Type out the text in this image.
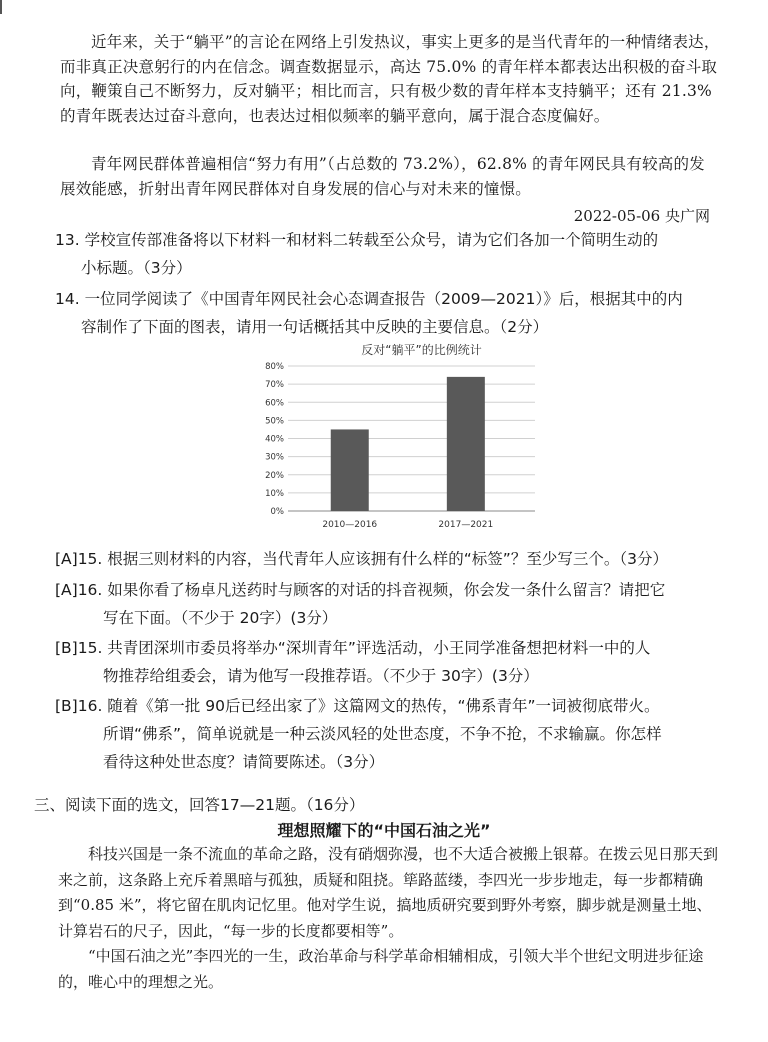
近年来，关于“躺平”的言论在网络上引发热议，事实上更多的是当代青年的一种情绪表达，而非真正决意躬行的内在信念。调查数据显示，高达 75.0% 的青年样本都表达出积极的奋斗取向，鞭策自己不断努力，反对躺平；相比而言，只有极少数的青年样本支持躺平；还有 21.3% 的青年既表达过奋斗意向，也表达过相似频率的躺平意向，属于混合态度偏好。

青年网民群体普遍相信“努力有用”（占总数的 73.2%），62.8% 的青年网民具有较高的发展效能感，折射出青年网民群体对自身发展的信心与对未来的憧憬。

2022-05-06 央广网

13. 学校宣传部准备将以下材料一和材料二转载至公众号，请为它们各加一个简明生动的
小标题。（3分）
14. 一位同学阅读了《中国青年网民社会心态调查报告（2009—2021）》后，根据其中的内
容制作了下面的图表，请用一句话概括其中反映的主要信息。（2分）
反对“躺平”的比例统计
0%
10%
20%
30%
40%
50%
60%
70%
80%
2010—2016	2017—2021
[A]15. 根据三则材料的内容，当代青年人应该拥有什么样的“标签”？至少写三个。（3分）
[A]16. 如果你看了杨卓凡送药时与顾客的对话的抖音视频，你会发一条什么留言？请把它
写在下面。（不少于 20字）(3分）
[B]15. 共青团深圳市委员将举办“深圳青年”评选活动，小王同学准备想把材料一中的人
物推荐给组委会，请为他写一段推荐语。（不少于 30字）(3分）
[B]16. 随着《第一批 90后已经出家了》这篇网文的热传，“佛系青年”一词被彻底带火。
所谓“佛系”，简单说就是一种云淡风轻的处世态度，不争不抢，不求输赢。你怎样
看待这种处世态度？请简要陈述。（3分）

三、阅读下面的选文，回答17—21题。（16分）

理想照耀下的“中国石油之光”

科技兴国是一条不流血的革命之路，没有硝烟弥漫，也不大适合被搬上银幕。在拨云见日那天到来之前，这条路上充斥着黑暗与孤独，质疑和阻挠。筚路蓝缕，李四光一步步地走，每一步都精确到“0.85 米”，将它留在肌肉记忆里。他对学生说，搞地质研究要到野外考察，脚步就是测量土地、计算岩石的尺子，因此，“每一步的长度都要相等”。

“中国石油之光”李四光的一生，政治革命与科学革命相辅相成，引领大半个世纪文明进步征途的，唯心中的理想之光。
